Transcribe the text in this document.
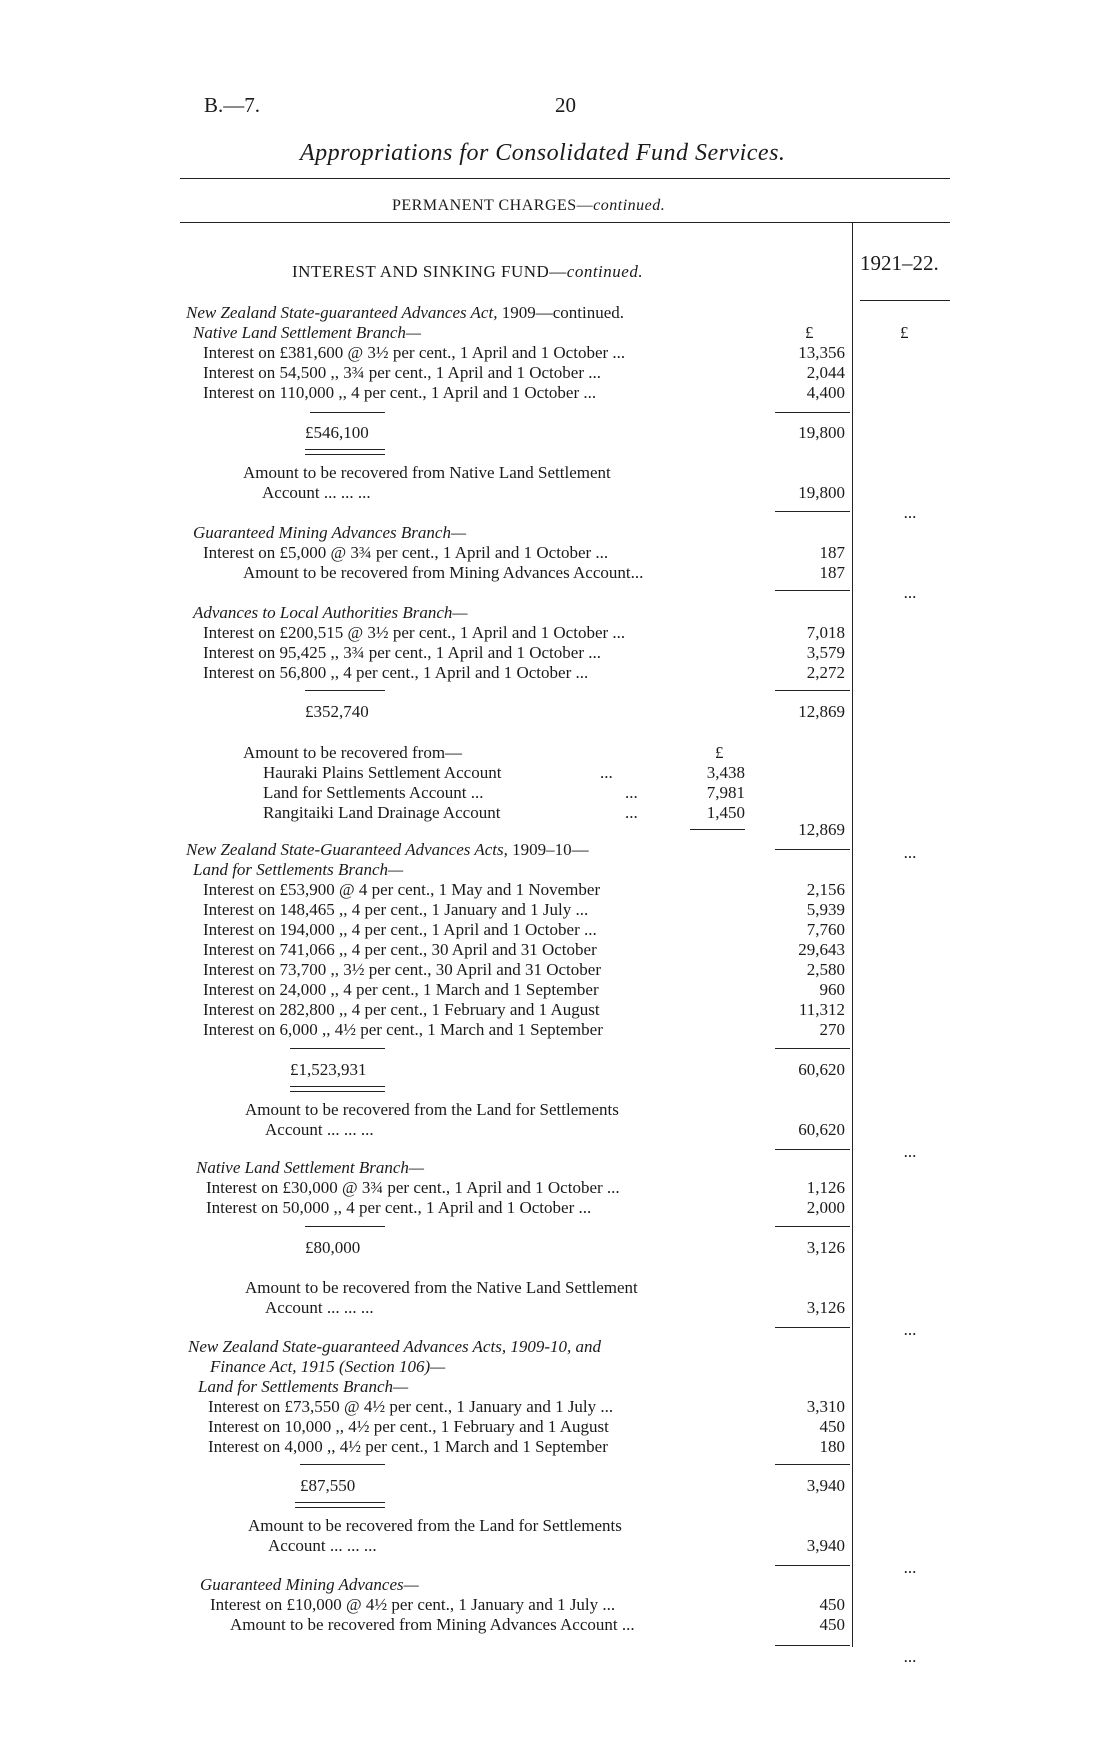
B.—7.	20
Appropriations for Consolidated Fund Services.
PERMANENT CHARGES—continued.
1921–22.
INTEREST AND SINKING FUND—continued.
New Zealand State-guaranteed Advances Act, 1909—continued.
Native Land Settlement Branch—	£	£
Interest on £381,600 @ 3½ per cent., 1 April and 1 October ...	13,356
Interest on 54,500 ,, 3¾ per cent., 1 April and 1 October ...	2,044
Interest on 110,000 ,, 4 per cent., 1 April and 1 October ...	4,400
£546,100	19,800
Amount to be recovered from Native Land Settlement
Account ... ... ...	19,800
...
Guaranteed Mining Advances Branch—
Interest on £5,000 @ 3¾ per cent., 1 April and 1 October ...	187
Amount to be recovered from Mining Advances Account...	187
...
Advances to Local Authorities Branch—
Interest on £200,515 @ 3½ per cent., 1 April and 1 October ...	7,018
Interest on 95,425 ,, 3¾ per cent., 1 April and 1 October ...	3,579
Interest on 56,800 ,, 4 per cent., 1 April and 1 October ...	2,272
£352,740	12,869
Amount to be recovered from—	£
Hauraki Plains Settlement Account	...	3,438
Land for Settlements Account ...	...	7,981
Rangitaiki Land Drainage Account	...	1,450
12,869
...
New Zealand State-Guaranteed Advances Acts, 1909–10—
Land for Settlements Branch—
Interest on £53,900 @ 4 per cent., 1 May and 1 November	2,156
Interest on 148,465 ,, 4 per cent., 1 January and 1 July ...	5,939
Interest on 194,000 ,, 4 per cent., 1 April and 1 October ...	7,760
Interest on 741,066 ,, 4 per cent., 30 April and 31 October	29,643
Interest on 73,700 ,, 3½ per cent., 30 April and 31 October	2,580
Interest on 24,000 ,, 4 per cent., 1 March and 1 September	960
Interest on 282,800 ,, 4 per cent., 1 February and 1 August	11,312
Interest on 6,000 ,, 4½ per cent., 1 March and 1 September	270
£1,523,931	60,620
Amount to be recovered from the Land for Settlements
Account ... ... ...	60,620
...
Native Land Settlement Branch—
Interest on £30,000 @ 3¾ per cent., 1 April and 1 October ...	1,126
Interest on 50,000 ,, 4 per cent., 1 April and 1 October ...	2,000
£80,000	3,126
Amount to be recovered from the Native Land Settlement
Account ... ... ...	3,126
...
New Zealand State-guaranteed Advances Acts, 1909-10, and
Finance Act, 1915 (Section 106)—
Land for Settlements Branch—
Interest on £73,550 @ 4½ per cent., 1 January and 1 July ...	3,310
Interest on 10,000 ,, 4½ per cent., 1 February and 1 August	450
Interest on 4,000 ,, 4½ per cent., 1 March and 1 September	180
£87,550	3,940
Amount to be recovered from the Land for Settlements
Account ... ... ...	3,940
...
Guaranteed Mining Advances—
Interest on £10,000 @ 4½ per cent., 1 January and 1 July ...	450
Amount to be recovered from Mining Advances Account ...	450
...
